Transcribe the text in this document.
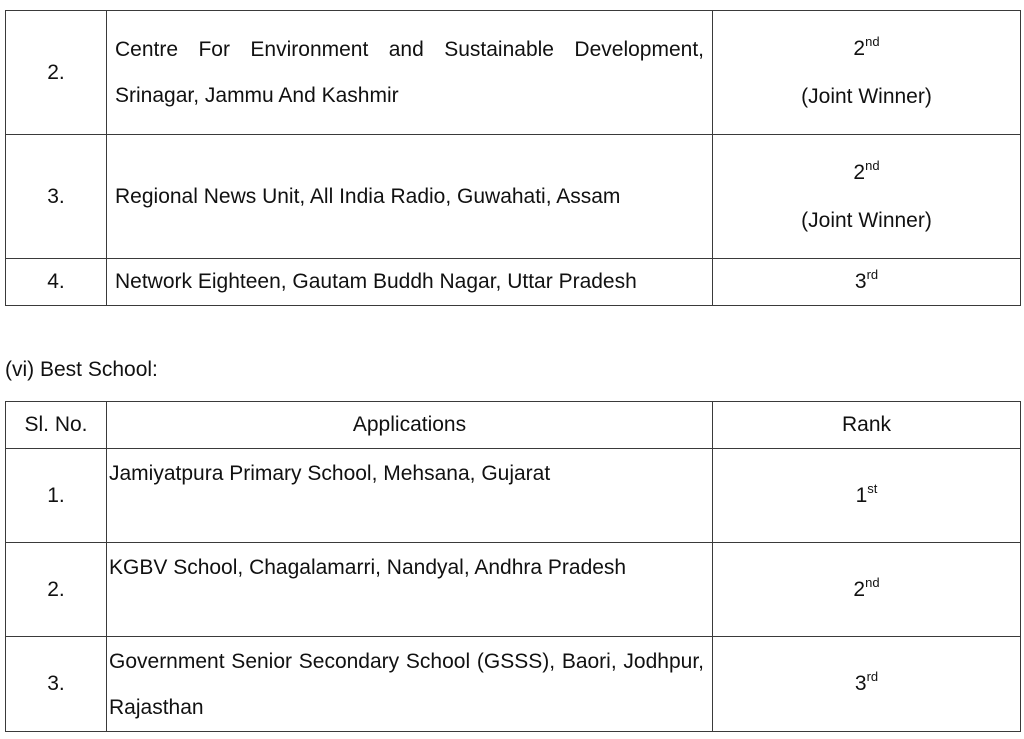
2.	Centre For Environment and Sustainable Development, Srinagar, Jammu And Kashmir	2nd
(Joint Winner)

3.	Regional News Unit, All India Radio, Guwahati, Assam	2nd
(Joint Winner)

4.	Network Eighteen, Gautam Buddh Nagar, Uttar Pradesh	3rd
(vi) Best School:
Sl. No.	Applications	Rank
1.	Jamiyatpura Primary School, Mehsana, Gujarat	1st
2.	KGBV School, Chagalamarri, Nandyal, Andhra Pradesh	2nd
3.	Government Senior Secondary School (GSSS), Baori, Jodhpur, Rajasthan	3rd
